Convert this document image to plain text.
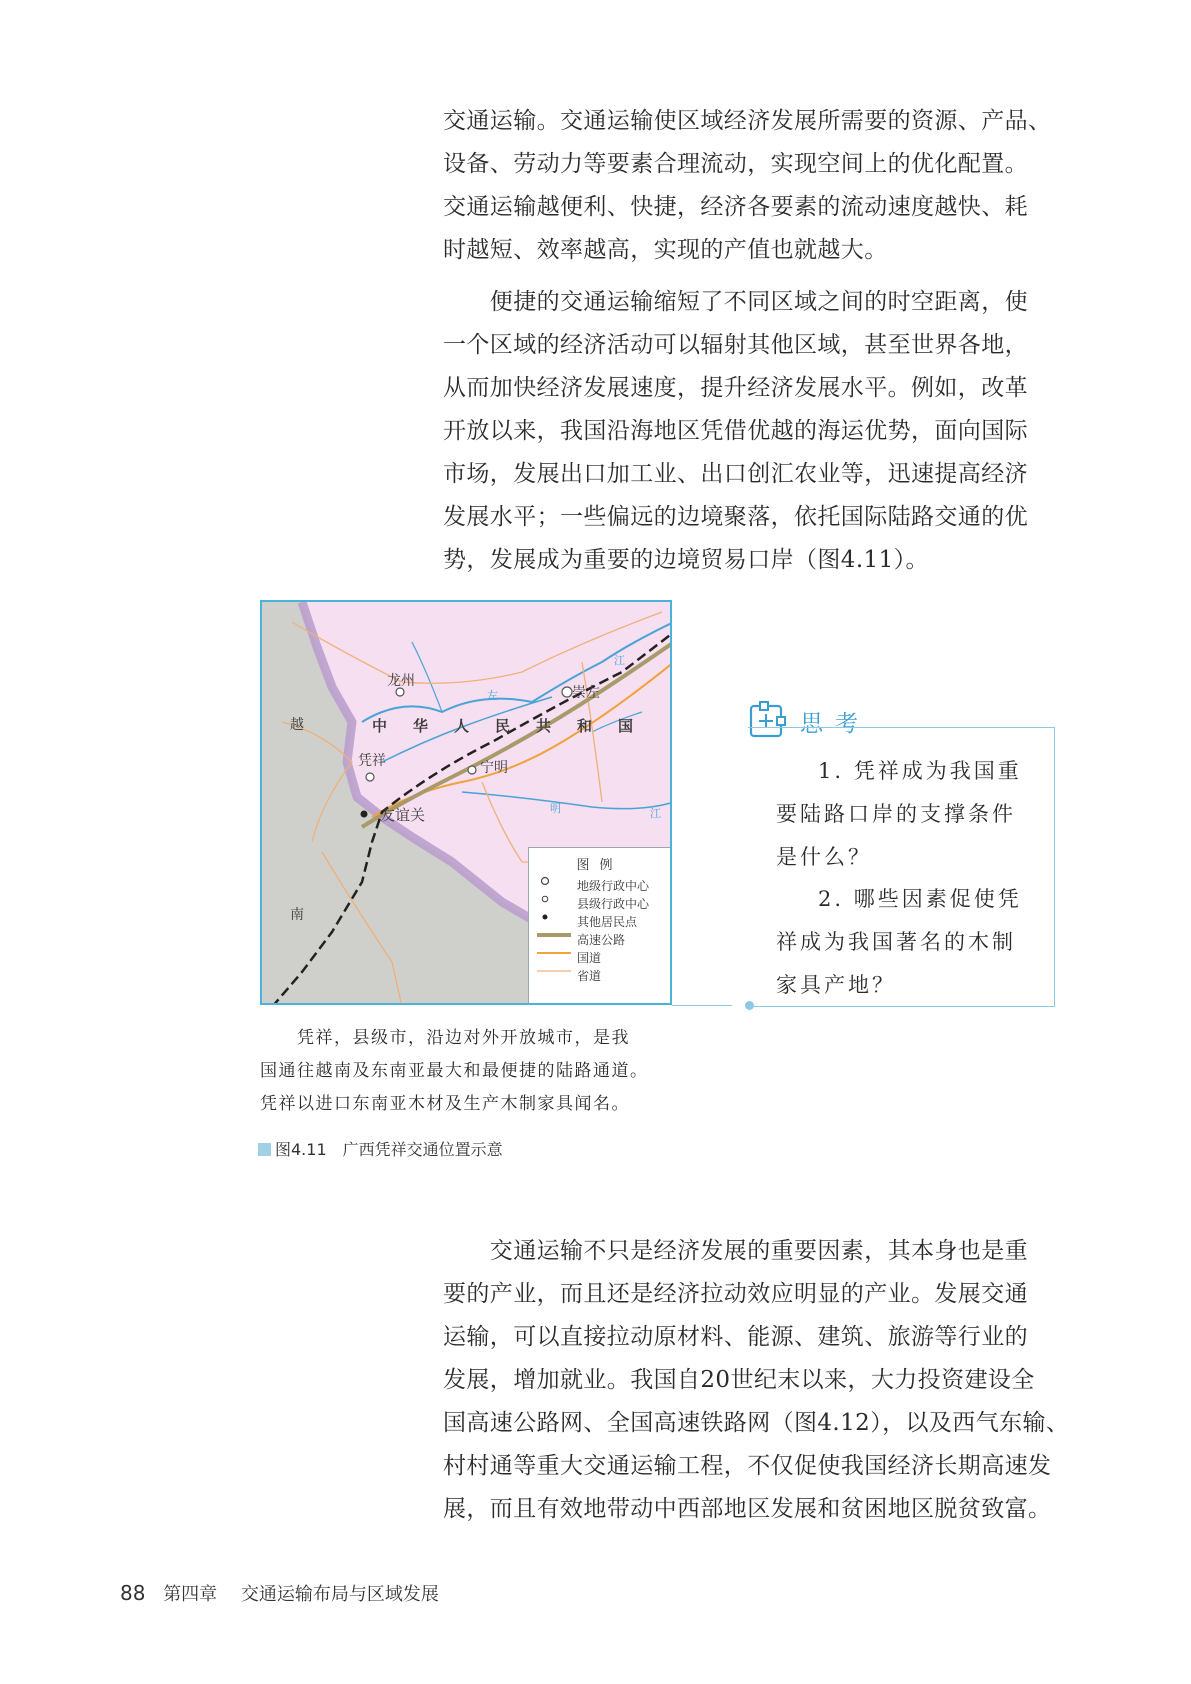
交通运输。交通运输使区域经济发展所需要的资源、产品、
设备、劳动力等要素合理流动，实现空间上的优化配置。
交通运输越便利、快捷，经济各要素的流动速度越快、耗
时越短、效率越高，实现的产值也就越大。

　　便捷的交通运输缩短了不同区域之间的时空距离，使
一个区域的经济活动可以辐射其他区域，甚至世界各地，
从而加快经济发展速度，提升经济发展水平。例如，改革
开放以来，我国沿海地区凭借优越的海运优势，面向国际
市场，发展出口加工业、出口创汇农业等，迅速提高经济
发展水平；一些偏远的边境聚落，依托国际陆路交通的优
势，发展成为重要的边境贸易口岸（图4.11）。

龙州
崇左
凭祥	宁明
友谊关
中华人民共和国
越
南
左
江
明	江
图例
地级行政中心
县级行政中心
其他居民点
高速公路
国道
省道
思考

1. 凭祥成为我国重
要陆路口岸的支撑条件
是什么？

2. 哪些因素促使凭
祥成为我国著名的木制
家具产地？

　　凭祥，县级市，沿边对外开放城市，是我
国通往越南及东南亚最大和最便捷的陆路通道。
凭祥以进口东南亚木材及生产木制家具闻名。

图4.11　广西凭祥交通位置示意

　　交通运输不只是经济发展的重要因素，其本身也是重
要的产业，而且还是经济拉动效应明显的产业。发展交通
运输，可以直接拉动原材料、能源、建筑、旅游等行业的
发展，增加就业。我国自20世纪末以来，大力投资建设全
国高速公路网、全国高速铁路网（图4.12），以及西气东输、
村村通等重大交通运输工程，不仅促使我国经济长期高速发
展，而且有效地带动中西部地区发展和贫困地区脱贫致富。

88 第四章 交通运输布局与区域发展
